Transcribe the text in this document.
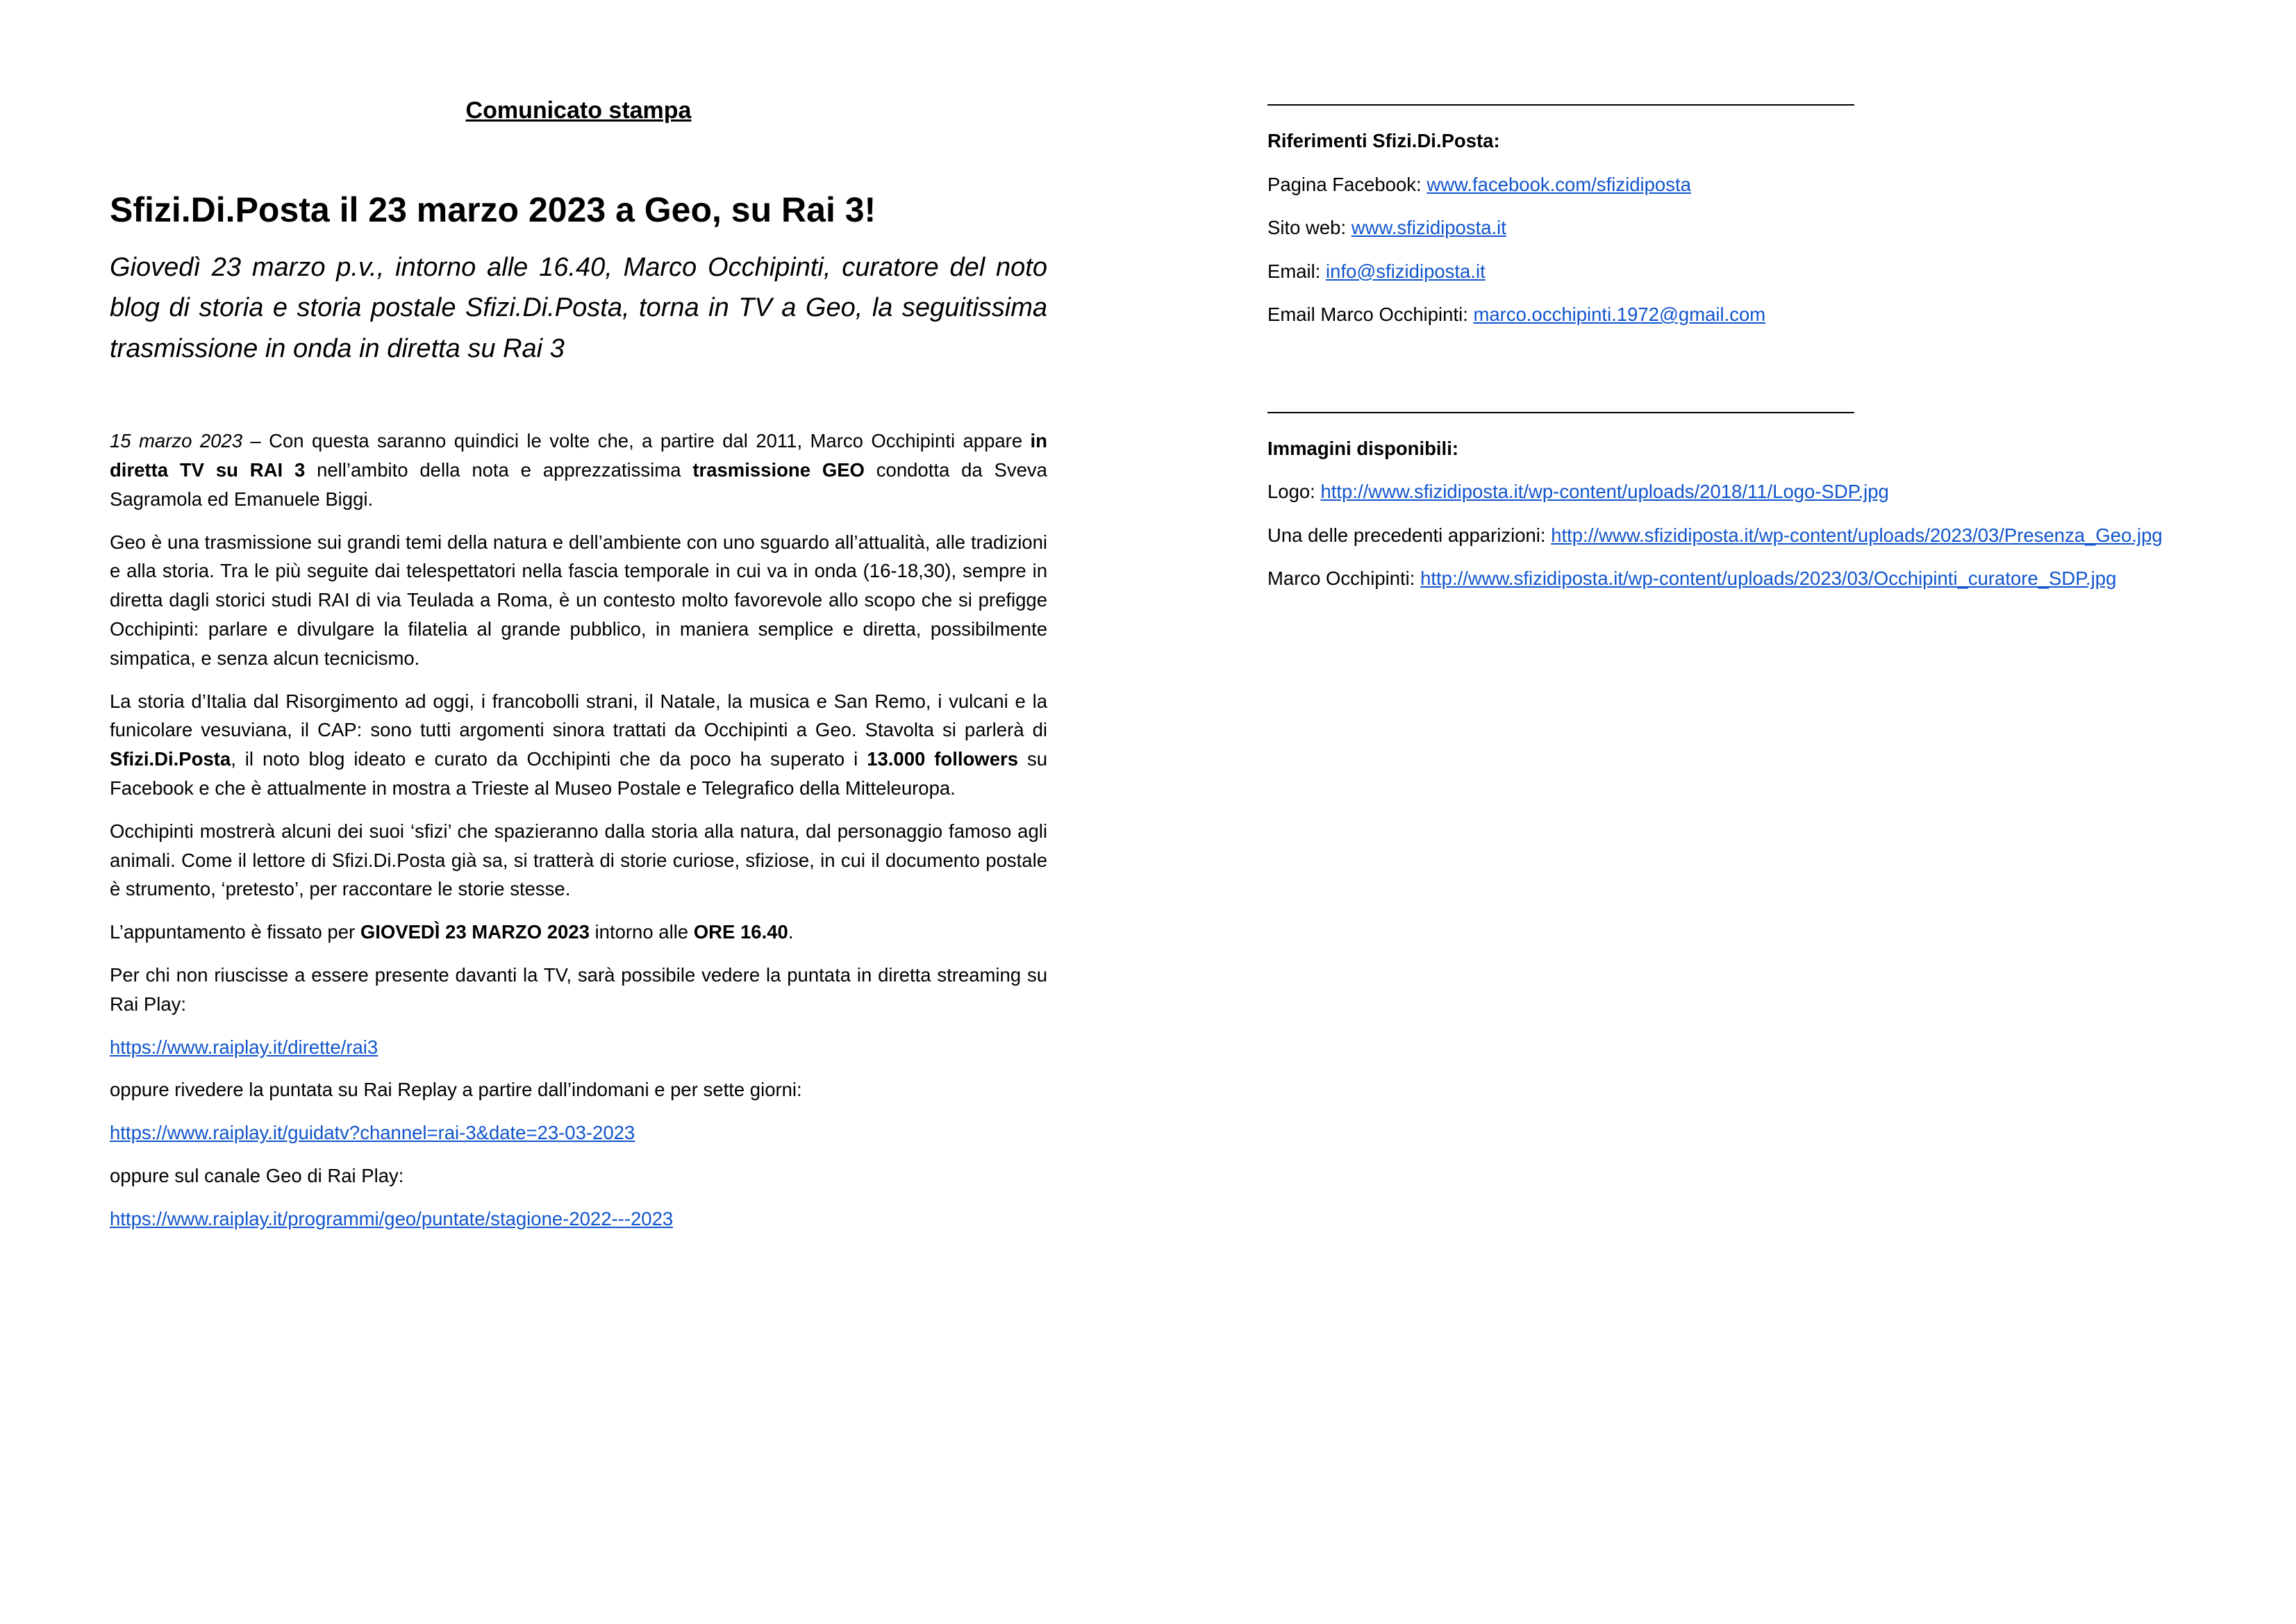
Comunicato stampa
Sfizi.Di.Posta il 23 marzo 2023 a Geo, su Rai 3!
Giovedì 23 marzo p.v., intorno alle 16.40, Marco Occhipinti, curatore del noto blog di storia e storia postale Sfizi.Di.Posta, torna in TV a Geo, la seguitissima trasmissione in onda in diretta su Rai 3

15 marzo 2023 – Con questa saranno quindici le volte che, a partire dal 2011, Marco Occhipinti appare in diretta TV su RAI 3 nell’ambito della nota e apprezzatissima trasmissione GEO condotta da Sveva Sagramola ed Emanuele Biggi.

Geo è una trasmissione sui grandi temi della natura e dell’ambiente con uno sguardo all’attualità, alle tradizioni e alla storia. Tra le più seguite dai telespettatori nella fascia temporale in cui va in onda (16-18,30), sempre in diretta dagli storici studi RAI di via Teulada a Roma, è un contesto molto favorevole allo scopo che si prefigge Occhipinti: parlare e divulgare la filatelia al grande pubblico, in maniera semplice e diretta, possibilmente simpatica, e senza alcun tecnicismo.

La storia d’Italia dal Risorgimento ad oggi, i francobolli strani, il Natale, la musica e San Remo, i vulcani e la funicolare vesuviana, il CAP: sono tutti argomenti sinora trattati da Occhipinti a Geo. Stavolta si parlerà di Sfizi.Di.Posta, il noto blog ideato e curato da Occhipinti che da poco ha superato i 13.000 followers su Facebook e che è attualmente in mostra a Trieste al Museo Postale e Telegrafico della Mitteleuropa.

Occhipinti mostrerà alcuni dei suoi ‘sfizi’ che spazieranno dalla storia alla natura, dal personaggio famoso agli animali. Come il lettore di Sfizi.Di.Posta già sa, si tratterà di storie curiose, sfiziose, in cui il documento postale è strumento, ‘pretesto’, per raccontare le storie stesse.

L’appuntamento è fissato per GIOVEDÌ 23 MARZO 2023 intorno alle ORE 16.40.

Per chi non riuscisse a essere presente davanti la TV, sarà possibile vedere la puntata in diretta streaming su Rai Play:

https://www.raiplay.it/dirette/rai3

oppure rivedere la puntata su Rai Replay a partire dall’indomani e per sette giorni:

https://www.raiplay.it/guidatv?channel=rai-3&date=23-03-2023

oppure sul canale Geo di Rai Play:

https://www.raiplay.it/programmi/geo/puntate/stagione-2022---2023

Riferimenti Sfizi.Di.Posta:
Pagina Facebook: www.facebook.com/sfizidiposta
Sito web: www.sfizidiposta.it
Email: info@sfizidiposta.it
Email Marco Occhipinti: marco.occhipinti.1972@gmail.com
Immagini disponibili:
Logo: http://www.sfizidiposta.it/wp-content/uploads/2018/11/Logo-SDP.jpg
Una delle precedenti apparizioni: http://www.sfizidiposta.it/wp-content/uploads/2023/03/Presenza_Geo.jpg
Marco Occhipinti: http://www.sfizidiposta.it/wp-content/uploads/2023/03/Occhipinti_curatore_SDP.jpg
